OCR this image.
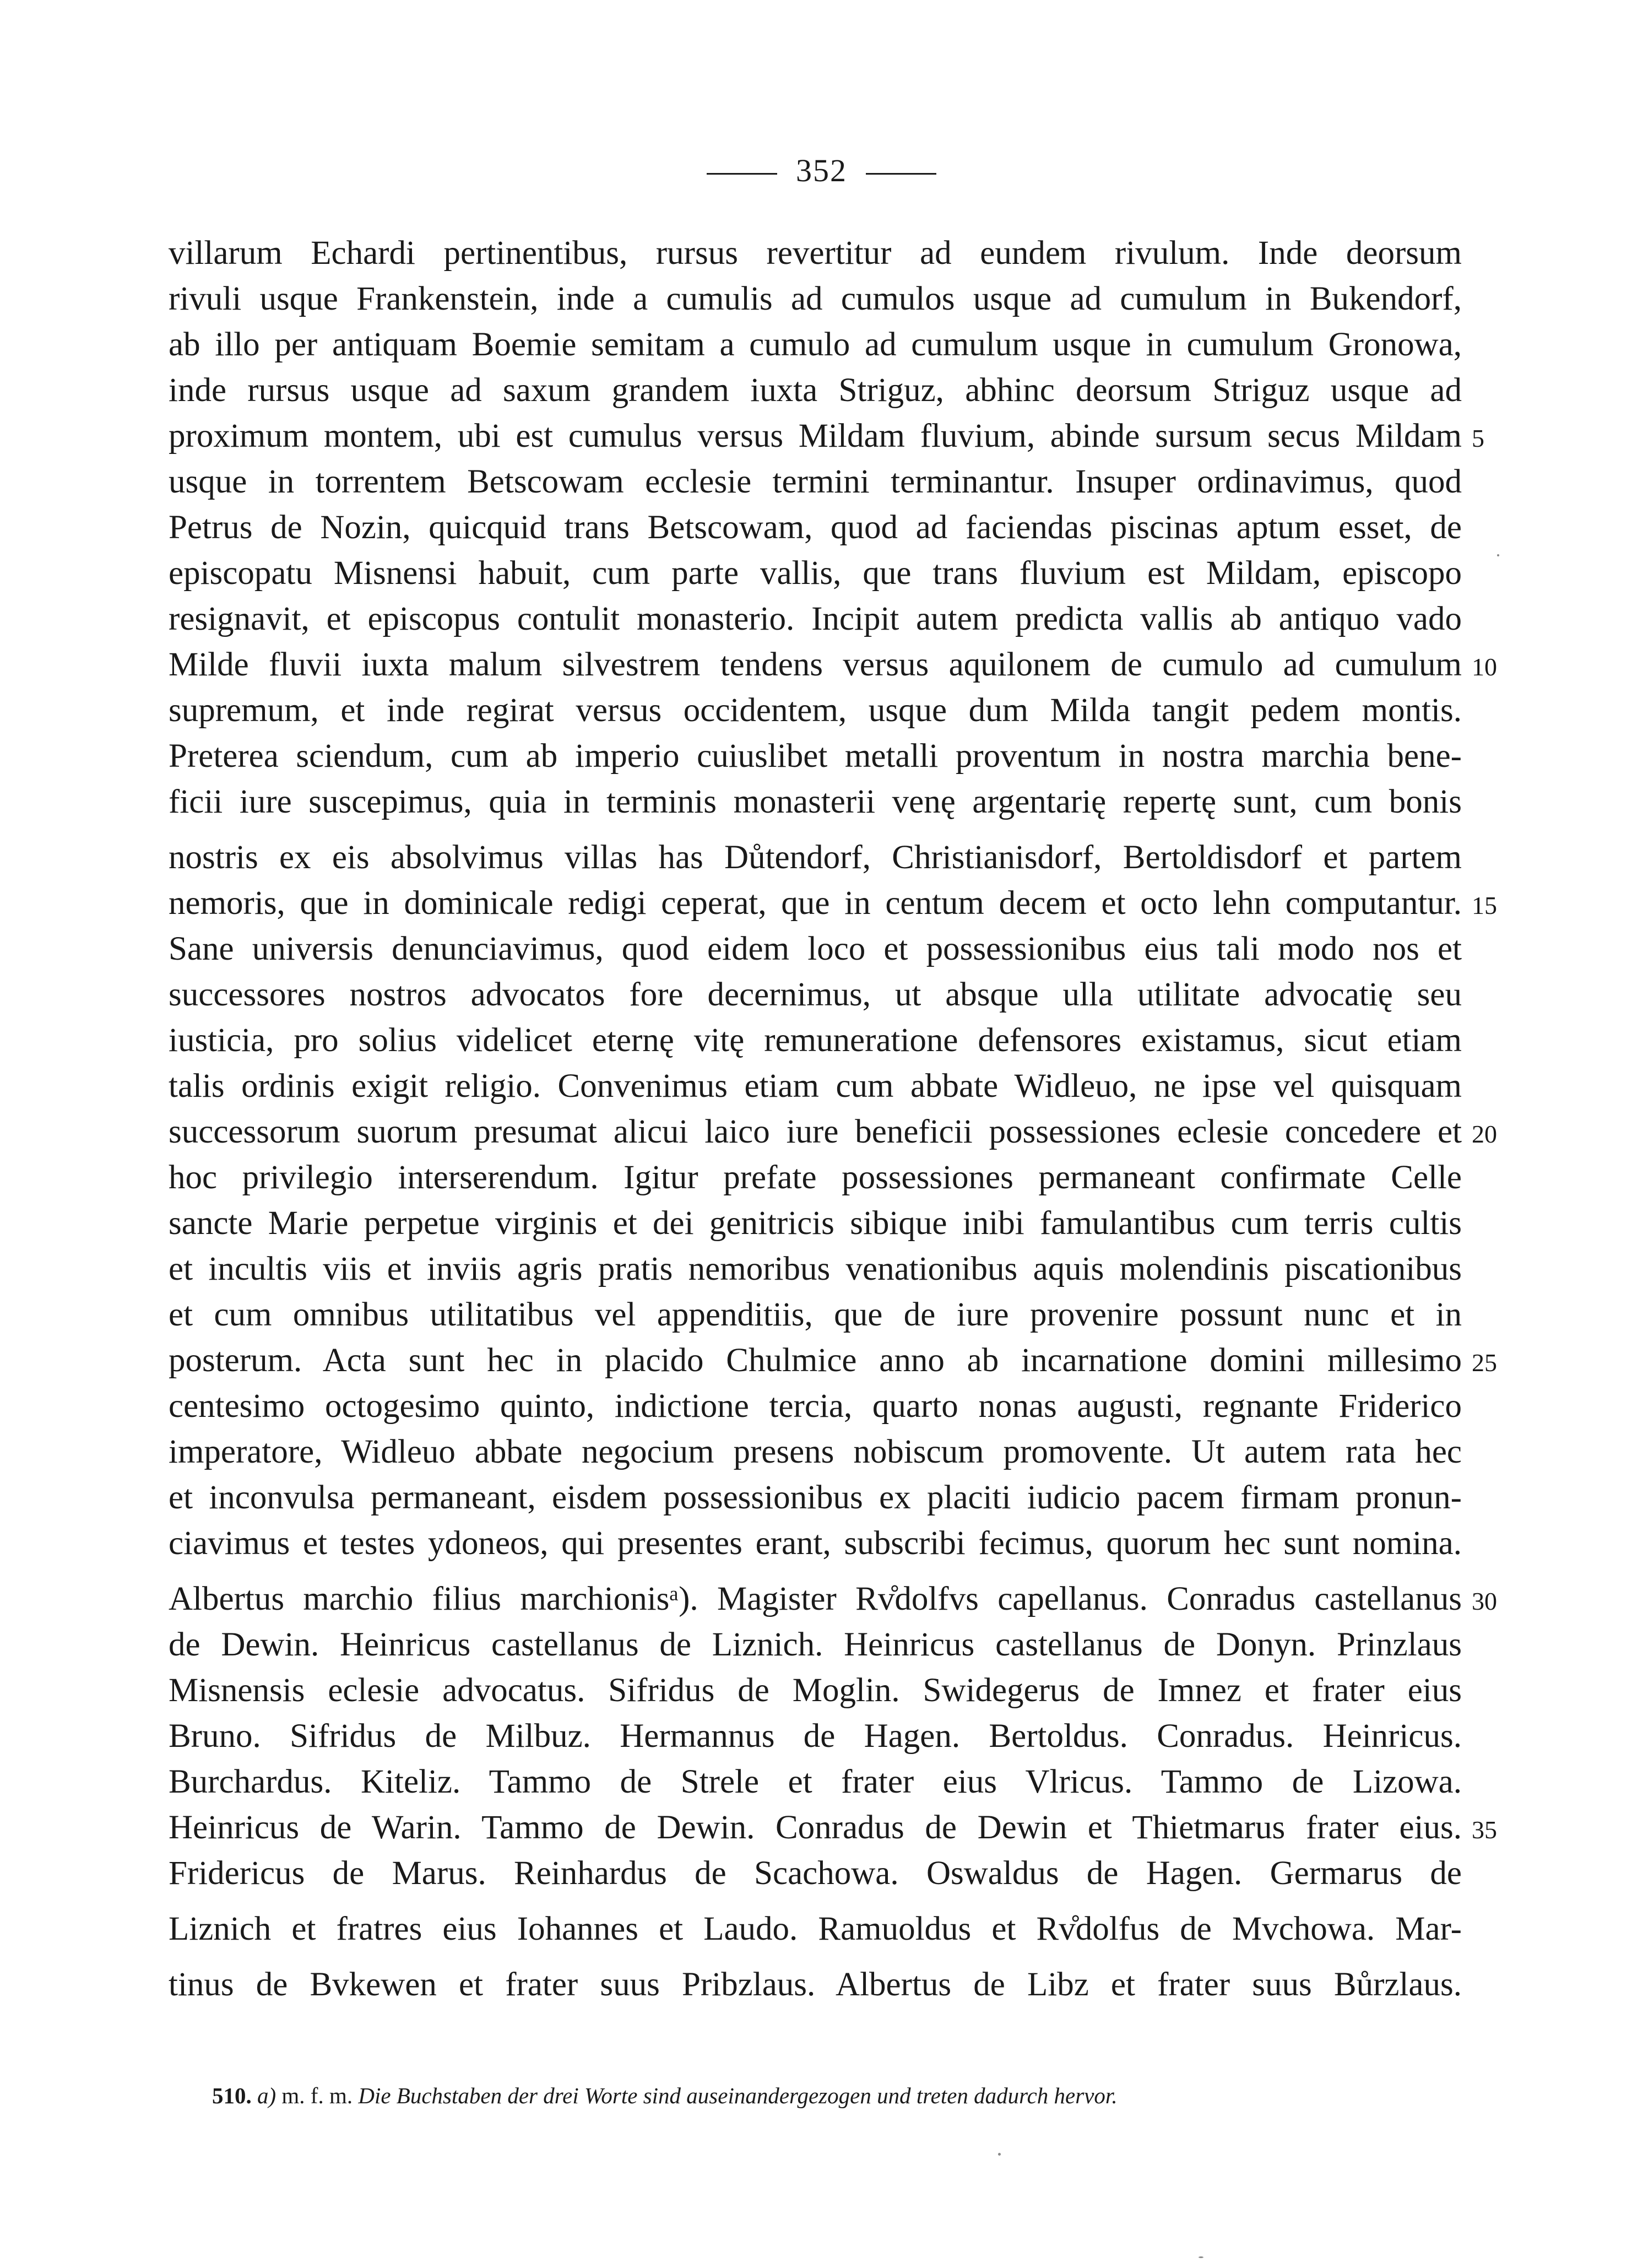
352
villarum Echardi pertinentibus, rursus revertitur ad eundem rivulum. Inde deorsum
rivuli usque Frankenstein, inde a cumulis ad cumulos usque ad cumulum in Bukendorf,
ab illo per antiquam Boemie semitam a cumulo ad cumulum usque in cumulum Gronowa,
inde rursus usque ad saxum grandem iuxta Striguz, abhinc deorsum Striguz usque ad
proximum montem, ubi est cumulus versus Mildam fluvium, abinde sursum secus Mildam 5
usque in torrentem Betscowam ecclesie termini terminantur. Insuper ordinavimus, quod
Petrus de Nozin, quicquid trans Betscowam, quod ad faciendas piscinas aptum esset, de
episcopatu Misnensi habuit, cum parte vallis, que trans fluvium est Mildam, episcopo
resignavit, et episcopus contulit monasterio. Incipit autem predicta vallis ab antiquo vado
Milde fluvii iuxta malum silvestrem tendens versus aquilonem de cumulo ad cumulum 10
supremum, et inde regirat versus occidentem, usque dum Milda tangit pedem montis.
Preterea sciendum, cum ab imperio cuiuslibet metalli proventum in nostra marchia bene-
ficii iure suscepimus, quia in terminis monasterii venę argentarię repertę sunt, cum bonis
nostris ex eis absolvimus villas has Důtendorf, Christianisdorf, Bertoldisdorf et partem
nemoris, que in dominicale redigi ceperat, que in centum decem et octo lehn computantur. 15
Sane universis denunciavimus, quod eidem loco et possessionibus eius tali modo nos et
successores nostros advocatos fore decernimus, ut absque ulla utilitate advocatię seu
iusticia, pro solius videlicet eternę vitę remuneratione defensores existamus, sicut etiam
talis ordinis exigit religio. Convenimus etiam cum abbate Widleuo, ne ipse vel quisquam
successorum suorum presumat alicui laico iure beneficii possessiones eclesie concedere et 20
hoc privilegio interserendum. Igitur prefate possessiones permaneant confirmate Celle
sancte Marie perpetue virginis et dei genitricis sibique inibi famulantibus cum terris cultis
et incultis viis et inviis agris pratis nemoribus venationibus aquis molendinis piscationibus
et cum omnibus utilitatibus vel appenditiis, que de iure provenire possunt nunc et in
posterum. Acta sunt hec in placido Chulmice anno ab incarnatione domini millesimo 25
centesimo octogesimo quinto, indictione tercia, quarto nonas augusti, regnante Friderico
imperatore, Widleuo abbate negocium presens nobiscum promovente. Ut autem rata hec
et inconvulsa permaneant, eisdem possessionibus ex placiti iudicio pacem firmam pronun-
ciavimus et testes ydoneos, qui presentes erant, subscribi fecimus, quorum hec sunt nomina.
Albertus marchio filius marchionisᵃ). Magister Rv̊dolfvs capellanus. Conradus castellanus 30
de Dewin. Heinricus castellanus de Liznich. Heinricus castellanus de Donyn. Prinzlaus
Misnensis eclesie advocatus. Sifridus de Moglin. Swidegerus de Imnez et frater eius
Bruno. Sifridus de Milbuz. Hermannus de Hagen. Bertoldus. Conradus. Heinricus.
Burchardus. Kiteliz. Tammo de Strele et frater eius Vlricus. Tammo de Lizowa.
Heinricus de Warin. Tammo de Dewin. Conradus de Dewin et Thietmarus frater eius. 35
Fridericus de Marus. Reinhardus de Scachowa. Oswaldus de Hagen. Germarus de
Liznich et fratres eius Iohannes et Laudo. Ramuoldus et Rv̊dolfus de Mvchowa. Mar-
tinus de Bvkewen et frater suus Pribzlaus. Albertus de Libz et frater suus Bůrzlaus.
510. a) m. f. m. Die Buchstaben der drei Worte sind auseinandergezogen und treten dadurch hervor.
